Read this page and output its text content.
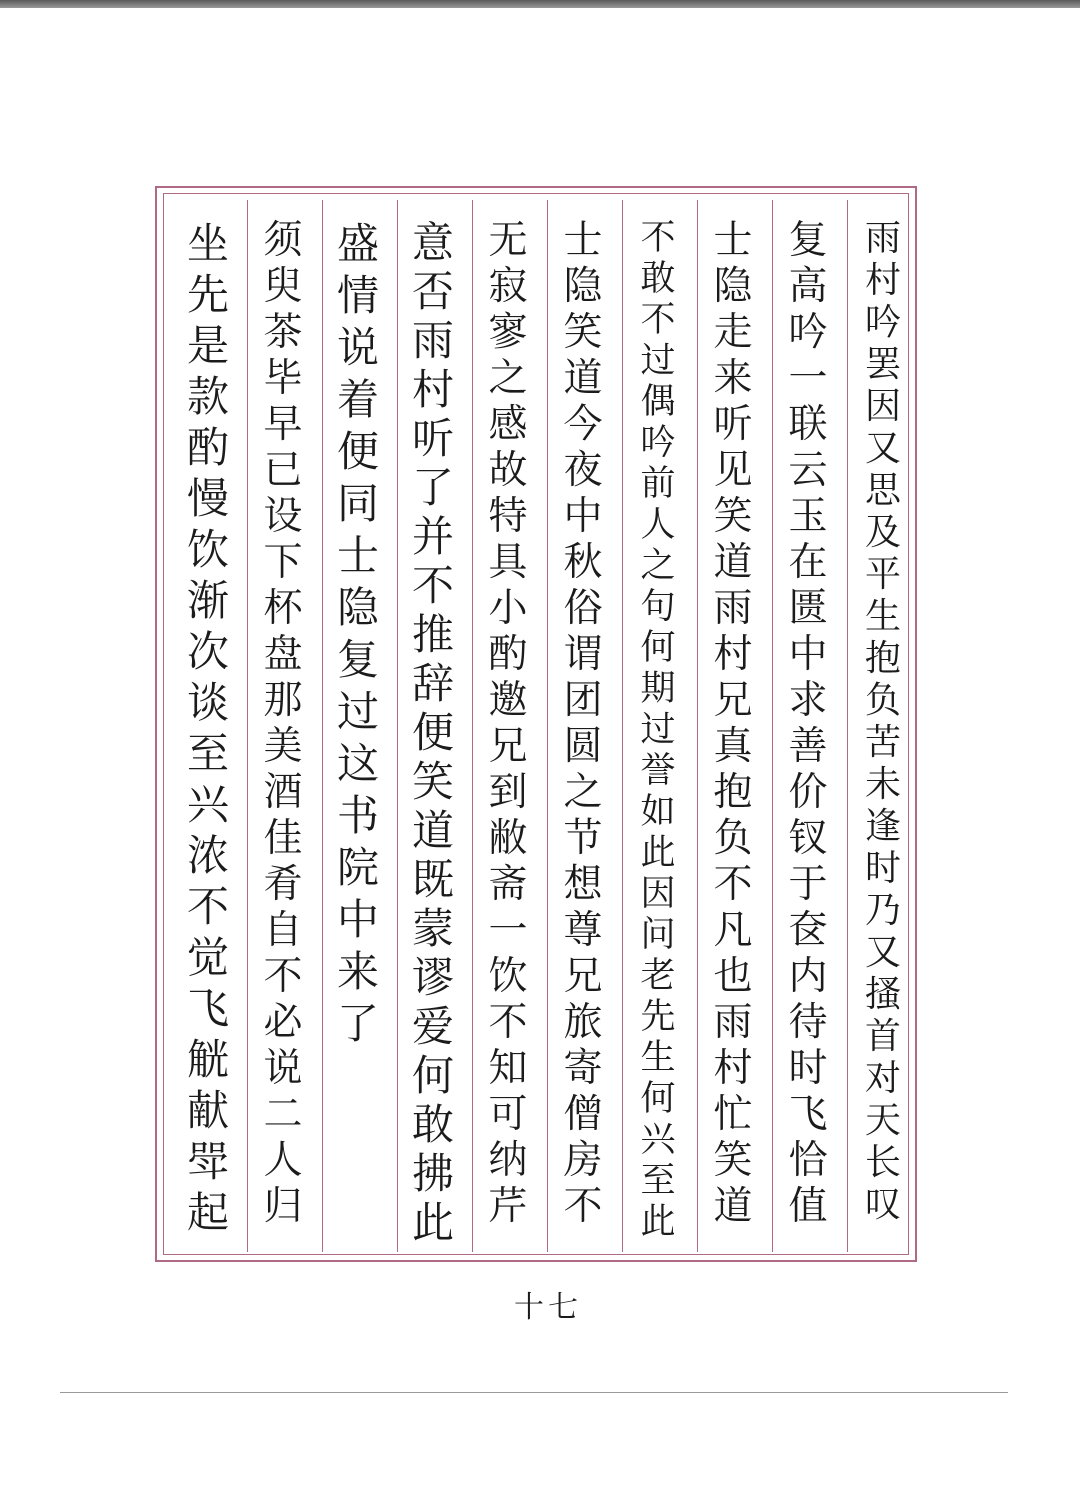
雨
村
吟
罢
因
又
思
及
平
生
抱
负
苦
未
逢
时
乃
又
搔
首
对
天
长
叹
复
高
吟
一
联
云
玉
在
匮
中
求
善
价
钗
于
奁
内
待
时
飞
恰
值
士
隐
走
来
听
见
笑
道
雨
村
兄
真
抱
负
不
凡
也
雨
村
忙
笑
道
不
敢
不
过
偶
吟
前
人
之
句
何
期
过
誉
如
此
因
问
老
先
生
何
兴
至
此
士
隐
笑
道
今
夜
中
秋
俗
谓
团
圆
之
节
想
尊
兄
旅
寄
僧
房
不
无
寂
寥
之
感
故
特
具
小
酌
邀
兄
到
敝
斋
一
饮
不
知
可
纳
芹
意
否
雨
村
听
了
并
不
推
辞
便
笑
道
既
蒙
谬
爱
何
敢
拂
此
盛
情
说
着
便
同
士
隐
复
过
这
书
院
中
来
了
须
臾
茶
毕
早
已
设
下
杯
盘
那
美
酒
佳
肴
自
不
必
说
二
人
归
坐
先
是
款
酌
慢
饮
渐
次
谈
至
兴
浓
不
觉
飞
觥
献
斝
起
十七
